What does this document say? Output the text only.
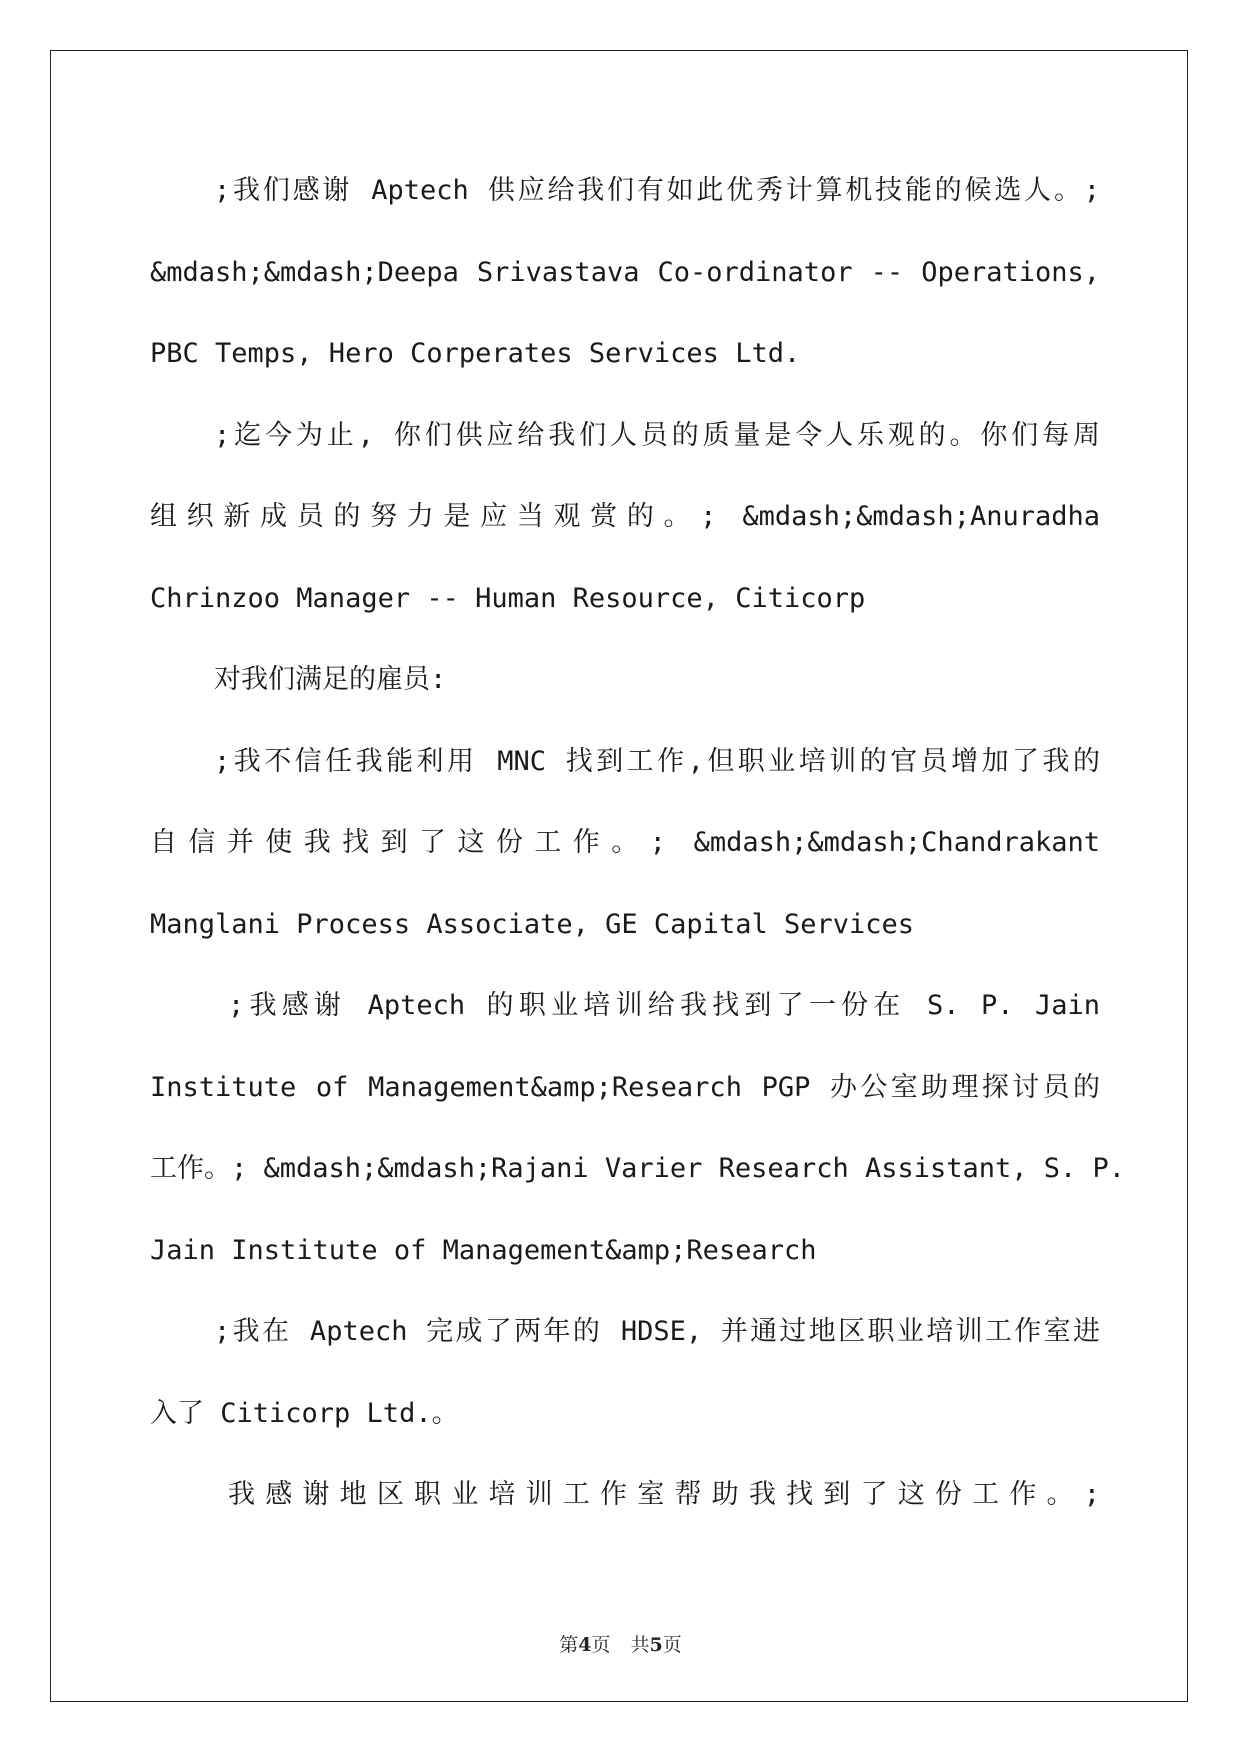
;我们感谢 Aptech 供应给我们有如此优秀计算机技能的候选人。;
&mdash;&mdash;Deepa Srivastava Co-ordinator -- Operations,
PBC Temps, Hero Corperates Services Ltd.
;迄今为止, 你们供应给我们人员的质量是令人乐观的。你们每周
组织新成员的努力是应当观赏的。; &mdash;&mdash;Anuradha
Chrinzoo Manager -- Human Resource, Citicorp
对我们满足的雇员:
;我不信任我能利用 MNC 找到工作,但职业培训的官员增加了我的
自信并使我找到了这份工作。; &mdash;&mdash;Chandrakant
Manglani Process Associate, GE Capital Services
;我感谢 Aptech 的职业培训给我找到了一份在 S. P. Jain
Institute of Management&amp;Research PGP 办公室助理探讨员的
工作。; &mdash;&mdash;Rajani Varier Research Assistant, S. P.
Jain Institute of Management&amp;Research
;我在 Aptech 完成了两年的 HDSE, 并通过地区职业培训工作室进
入了 Citicorp Ltd.。
我感谢地区职业培训工作室帮助我找到了这份工作。;
第4页 共5页
